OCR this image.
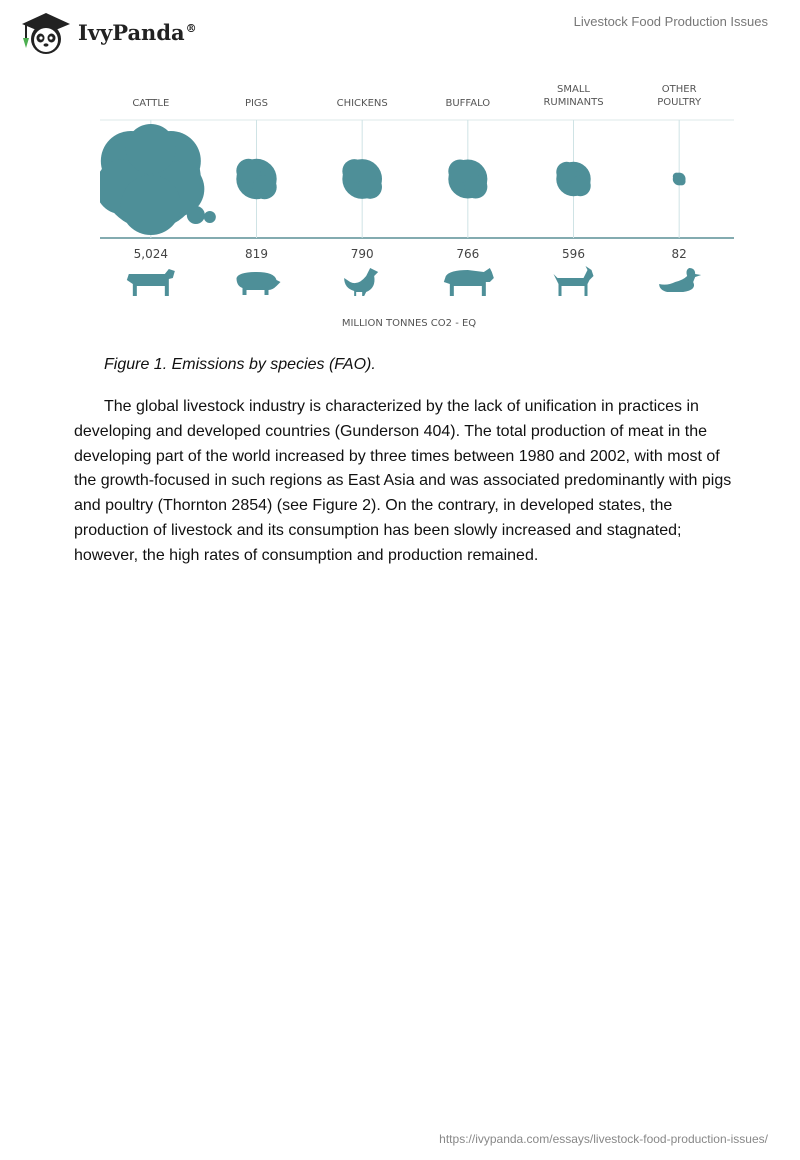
IvyPanda®	Livestock Food Production Issues
CATTLE
5,024
PIGS
819
CHICKENS
790
BUFFALO
766
SMALL
RUMINANTS
596
OTHER
POULTRY
82
MILLION TONNES CO2 - EQ
Figure 1. Emissions by species (FAO).

The global livestock industry is characterized by the lack of unification in practices in developing and developed countries (Gunderson 404). The total production of meat in the developing part of the world increased by three times between 1980 and 2002, with most of the growth-focused in such regions as East Asia and was associated predominantly with pigs and poultry (Thornton 2854) (see Figure 2). On the contrary, in developed states, the production of livestock and its consumption has been slowly increased and stagnated; however, the high rates of consumption and production remained.

https://ivypanda.com/essays/livestock-food-production-issues/
